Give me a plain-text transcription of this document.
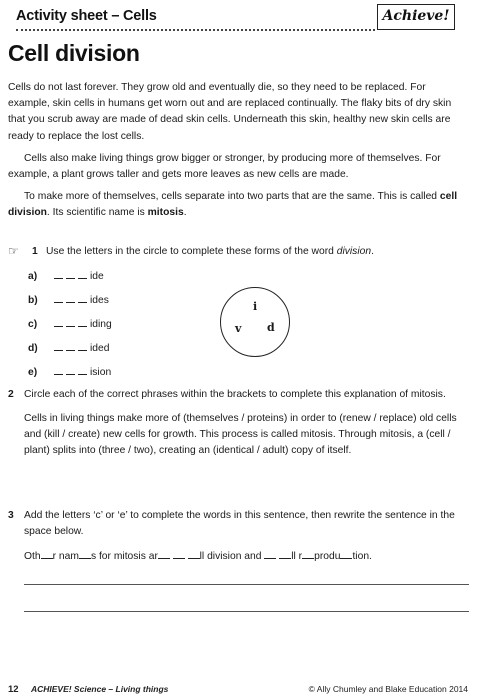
Activity sheet – Cells	Achieve!
Cell division

Cells do not last forever. They grow old and eventually die, so they need to be replaced. For example, skin cells in humans get worn out and are replaced continually. The flaky bits of dry skin that you scrub away are made of dead skin cells. Underneath this skin, healthy new skin cells are ready to replace the lost cells.

Cells also make living things grow bigger or stronger, by producing more of themselves. For example, a plant grows taller and gets more leaves as new cells are made.

To make more of themselves, cells separate into two parts that are the same. This is called cell division. Its scientific name is mitosis.

☞ 1 Use the letters in the circle to complete these forms of the word division.
a)	ide
b)	ides
c)	iding
d)	ided
e)	ision
i
v d
2 Circle each of the correct phrases within the brackets to complete this explanation of mitosis.
Cells in living things make more of (themselves / proteins) in order to (renew / replace) old cells and (kill / create) new cells for growth. This process is called mitosis. Through mitosis, a (cell / plant) splits into (three / two), creating an (identical / adult) copy of itself.
3 Add the letters ‘c’ or ‘e’ to complete the words in this sentence, then rewrite the sentence in the space below.
Oth r nam s for mitosis ar	ll division and	ll r produ tion.
12 ACHIEVE! Science – Living things	© Ally Chumley and Blake Education 2014
